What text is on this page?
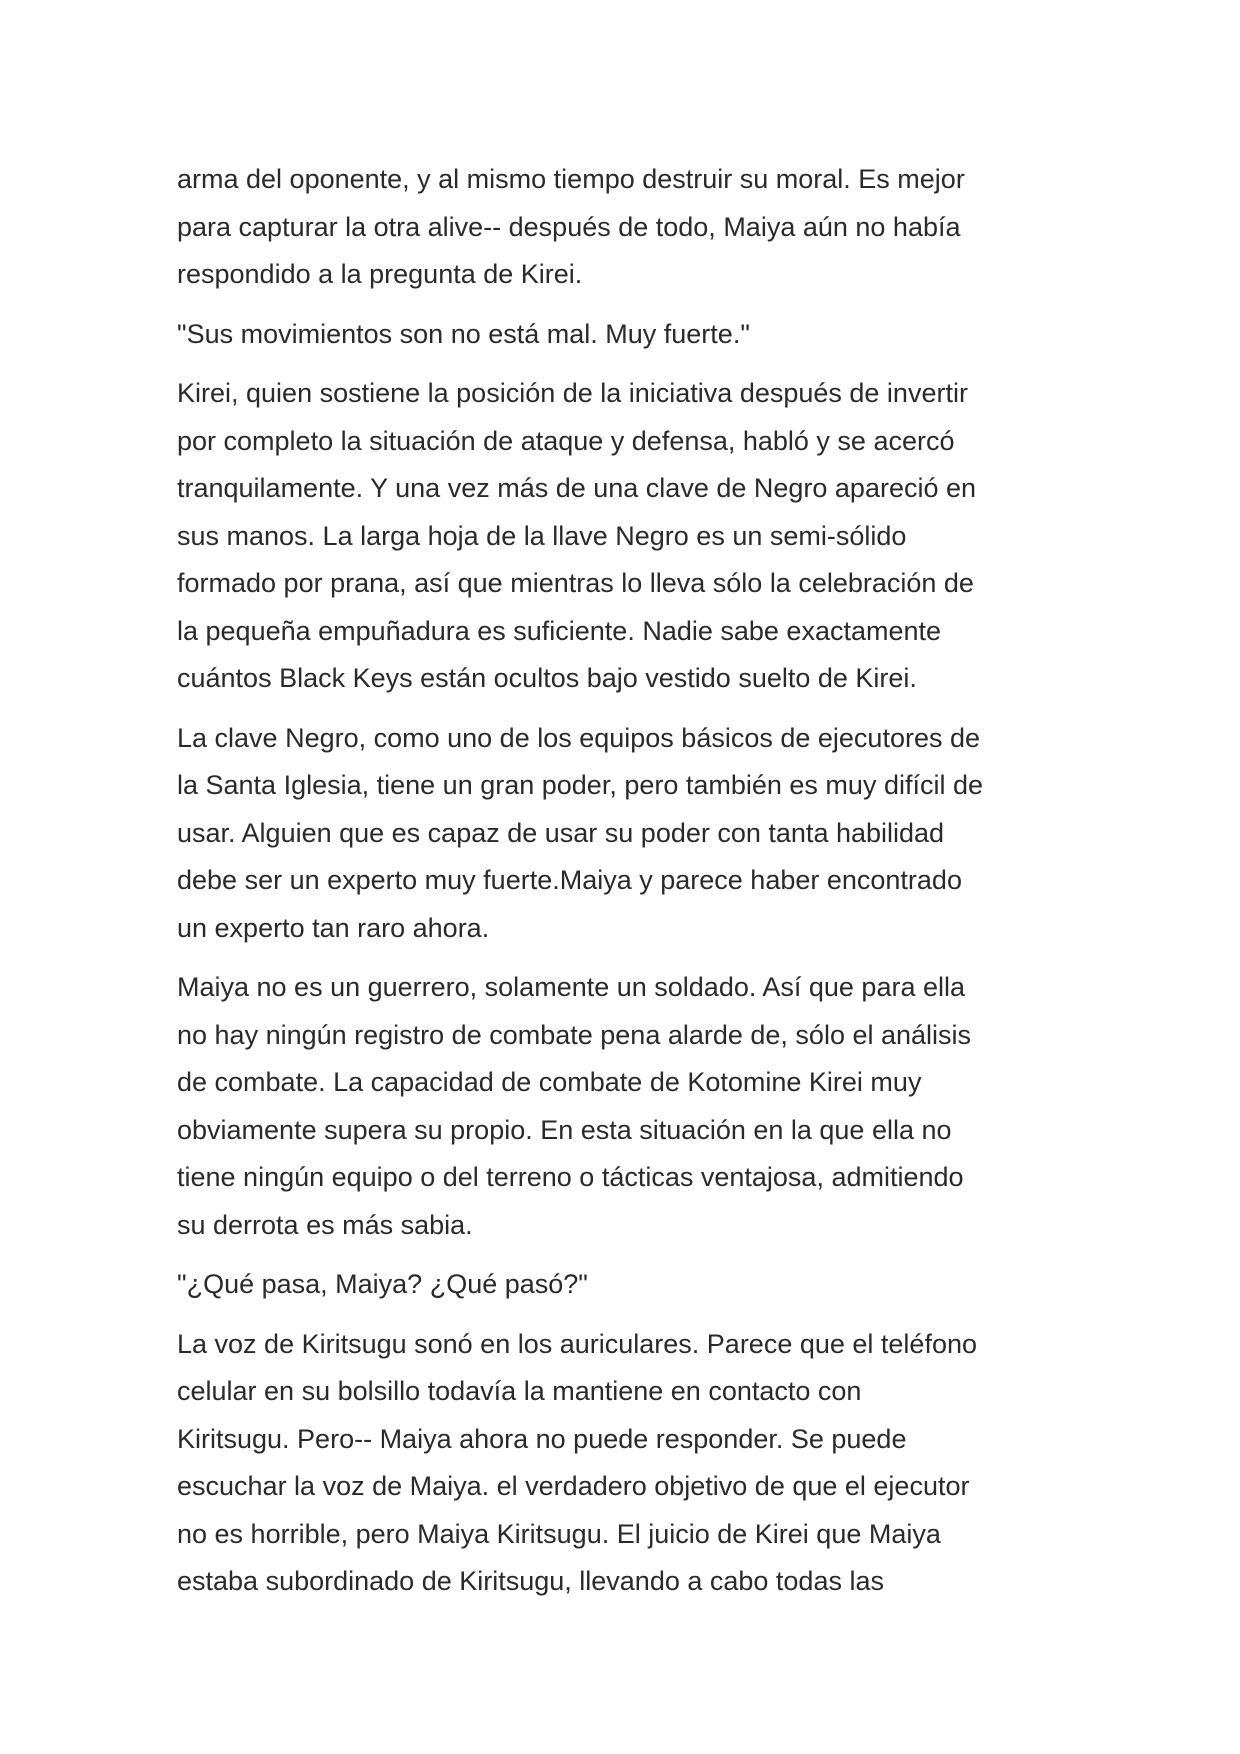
arma del oponente, y al mismo tiempo destruir su moral. Es mejor
para capturar la otra alive-- después de todo, Maiya aún no había
respondido a la pregunta de Kirei.

"Sus movimientos son no está mal. Muy fuerte."

Kirei, quien sostiene la posición de la iniciativa después de invertir
por completo la situación de ataque y defensa, habló y se acercó
tranquilamente. Y una vez más de una clave de Negro apareció en
sus manos. La larga hoja de la llave Negro es un semi-sólido
formado por prana, así que mientras lo lleva sólo la celebración de
la pequeña empuñadura es suficiente. Nadie sabe exactamente
cuántos Black Keys están ocultos bajo vestido suelto de Kirei.

La clave Negro, como uno de los equipos básicos de ejecutores de
la Santa Iglesia, tiene un gran poder, pero también es muy difícil de
usar. Alguien que es capaz de usar su poder con tanta habilidad
debe ser un experto muy fuerte.Maiya y parece haber encontrado
un experto tan raro ahora.

Maiya no es un guerrero, solamente un soldado. Así que para ella
no hay ningún registro de combate pena alarde de, sólo el análisis
de combate. La capacidad de combate de Kotomine Kirei muy
obviamente supera su propio. En esta situación en la que ella no
tiene ningún equipo o del terreno o tácticas ventajosa, admitiendo
su derrota es más sabia.

"¿Qué pasa, Maiya? ¿Qué pasó?"

La voz de Kiritsugu sonó en los auriculares. Parece que el teléfono
celular en su bolsillo todavía la mantiene en contacto con
Kiritsugu. Pero-- Maiya ahora no puede responder. Se puede
escuchar la voz de Maiya. el verdadero objetivo de que el ejecutor
no es horrible, pero Maiya Kiritsugu. El juicio de Kirei que Maiya
estaba subordinado de Kiritsugu, llevando a cabo todas las
